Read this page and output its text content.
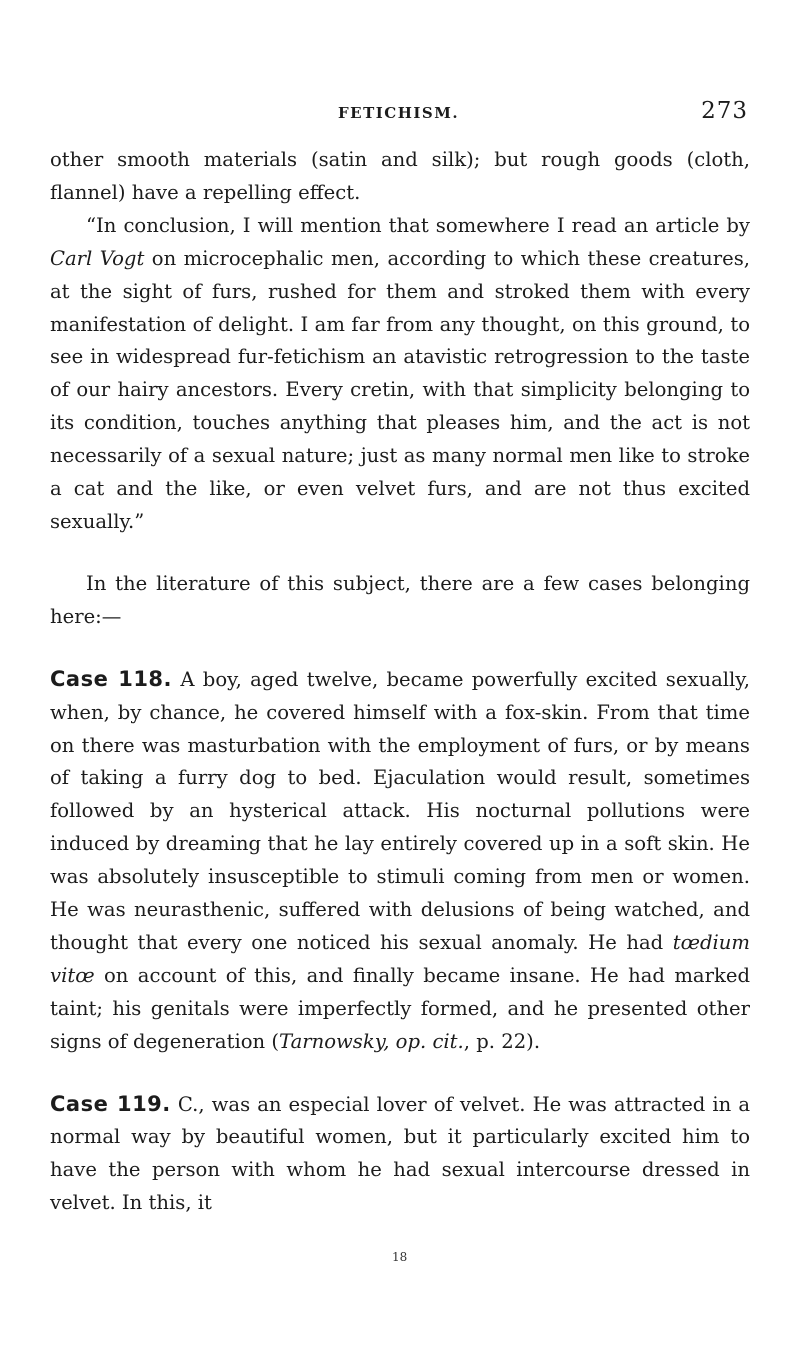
FETICHISM.	273

other smooth materials (satin and silk); but rough goods (cloth, flannel) have a repelling effect.

“In conclusion, I will mention that somewhere I read an article by Carl Vogt on microcephalic men, according to which these creatures, at the sight of furs, rushed for them and stroked them with every manifestation of delight. I am far from any thought, on this ground, to see in widespread fur-fetichism an atavistic retrogression to the taste of our hairy ancestors. Every cretin, with that simplicity belonging to its condition, touches anything that pleases him, and the act is not necessarily of a sexual nature; just as many normal men like to stroke a cat and the like, or even velvet furs, and are not thus excited sexually.”

In the literature of this subject, there are a few cases belonging here:—

Case 118. A boy, aged twelve, became powerfully excited sexually, when, by chance, he covered himself with a fox-skin. From that time on there was masturbation with the employment of furs, or by means of taking a furry dog to bed. Ejaculation would result, sometimes followed by an hysterical attack. His nocturnal pollutions were induced by dreaming that he lay entirely covered up in a soft skin. He was absolutely insusceptible to stimuli coming from men or women. He was neurasthenic, suffered with delusions of being watched, and thought that every one noticed his sexual anomaly. He had tœdium vitœ on account of this, and finally became insane. He had marked taint; his genitals were imperfectly formed, and he presented other signs of degeneration (Tarnowsky, op. cit., p. 22).

Case 119. C., was an especial lover of velvet. He was attracted in a normal way by beautiful women, but it particularly excited him to have the person with whom he had sexual intercourse dressed in velvet. In this, it

18
